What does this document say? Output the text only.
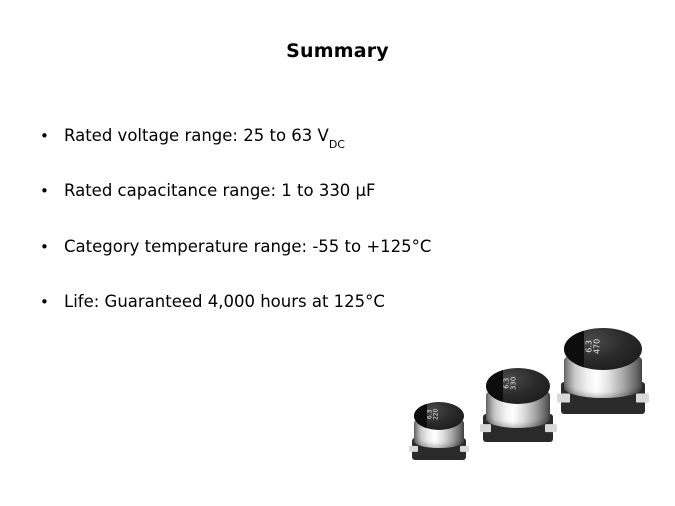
Summary
• Rated voltage range: 25 to 63 $V_{DC}$
• Rated capacitance range: 1 to 330 µF
• Category temperature range: -55 to +125°C
• Life: Guaranteed 4,000 hours at 125°C
6.3
220
6.3
330
6.3
470
